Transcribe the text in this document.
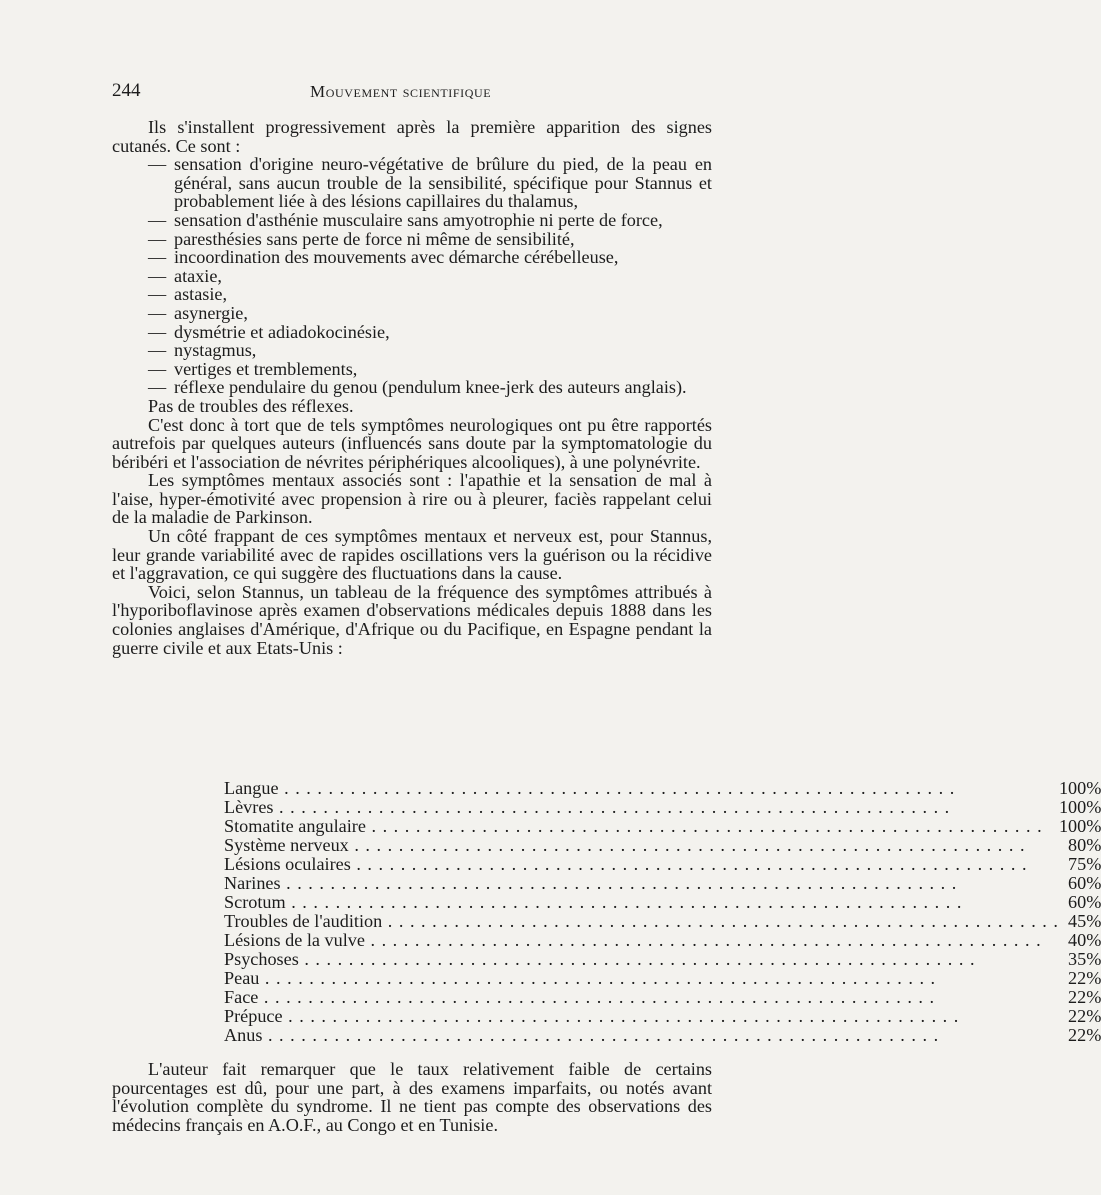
244	Mouvement scientifique

Ils s'installent progressivement après la première apparition des signes cutanés. Ce sont :

— sensation d'origine neuro-végétative de brûlure du pied, de la peau en général, sans aucun trouble de la sensibilité, spécifique pour Stannus et probablement liée à des lésions capillaires du thalamus,
— sensation d'asthénie musculaire sans amyotrophie ni perte de force,
— paresthésies sans perte de force ni même de sensibilité,
— incoordination des mouvements avec démarche cérébelleuse,
— ataxie,
— astasie,
— asynergie,
— dysmétrie et adiadokocinésie,
— nystagmus,
— vertiges et tremblements,
— réflexe pendulaire du genou (pendulum knee-jerk des auteurs anglais).

Pas de troubles des réflexes.

C'est donc à tort que de tels symptômes neurologiques ont pu être rapportés autrefois par quelques auteurs (influencés sans doute par la symptomatologie du béribéri et l'association de névrites périphériques alcooliques), à une polynévrite.

Les symptômes mentaux associés sont : l'apathie et la sensation de mal à l'aise, hyper-émotivité avec propension à rire ou à pleurer, faciès rappelant celui de la maladie de Parkinson.

Un côté frappant de ces symptômes mentaux et nerveux est, pour Stannus, leur grande variabilité avec de rapides oscillations vers la guérison ou la récidive et l'aggravation, ce qui suggère des fluctuations dans la cause.

Voici, selon Stannus, un tableau de la fréquence des symptômes attribués à l'hyporiboflavinose après examen d'observations médicales depuis 1888 dans les colonies anglaises d'Amérique, d'Afrique ou du Pacifique, en Espagne pendant la guerre civile et aux Etats-Unis :

Langue . . .	100	%
Lèvres . . .	100	%
Stomatite angulaire . . .	100	%
Système nerveux . . .	80	%
Lésions oculaires . . .	75	%
Narines . . .	60	%
Scrotum . . .	60	%
Troubles de l'audition . . .	45	%
Lésions de la vulve . . .	40	%
Psychoses . . .	35	%
Peau . . .	22	%
Face . . .	22	%
Prépuce . . .	22	%
Anus . . .	22	%

L'auteur fait remarquer que le taux relativement faible de certains pourcentages est dû, pour une part, à des examens imparfaits, ou notés avant l'évolution complète du syndrome. Il ne tient pas compte des observations des médecins français en A.O.F., au Congo et en Tunisie.
